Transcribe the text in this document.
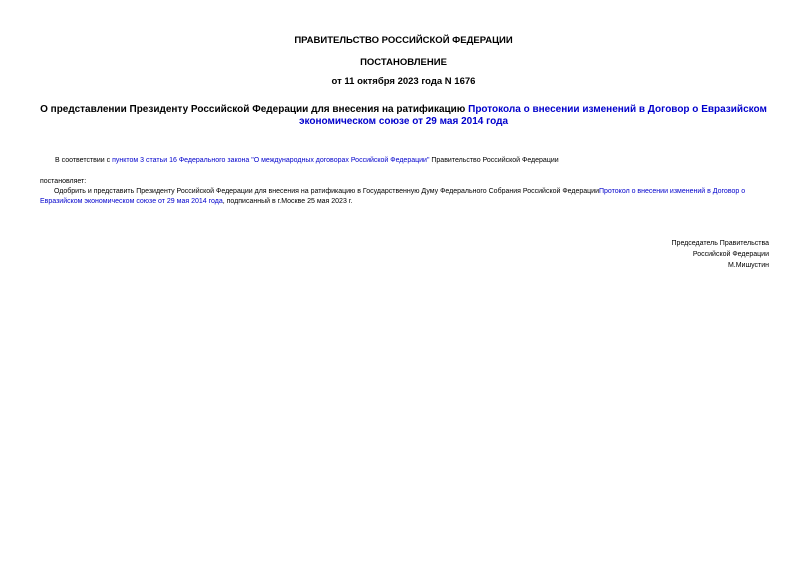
ПРАВИТЕЛЬСТВО РОССИЙСКОЙ ФЕДЕРАЦИИ
ПОСТАНОВЛЕНИЕ
от 11 октября 2023 года N 1676
О представлении Президенту Российской Федерации для внесения на ратификацию Протокола о внесении изменений в Договор о Евразийском экономическом союзе от 29 мая 2014 года
В соответствии с пунктом 3 статьи 16 Федерального закона "О международных договорах Российской Федерации" Правительство Российской Федерации
постановляет:
Одобрить и представить Президенту Российской Федерации для внесения на ратификацию в Государственную Думу Федерального Собрания Российской ФедерацииПротокол о внесении изменений в Договор о Евразийском экономическом союзе от 29 мая 2014 года, подписанный в г.Москве 25 мая 2023 г.
Председатель Правительства
Российской Федерации
М.Мишустин
